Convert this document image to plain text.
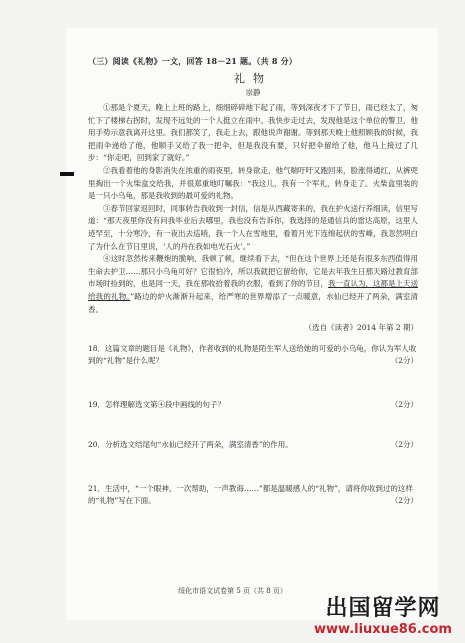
（三）阅读《礼物》一文，回答 18－21 题。（共 8 分）

礼物

崇静

①那是个夏天，晚上上班的路上，细细碎碎地下起了雨，等到深夜才下了节日，雨已经太了，匆忙下了楼梯右拐时，发现不远处的一个人挺立在雨中。我快步走过去，发现他是这个单位的警卫，他用手势示意我离开这里。我们都笑了，我走上去，跟他说声谢谢。等到那天晚上他照顾我的时候，我把雨伞递给了他，他顺手又给了我一把伞，但是我没有要，只好把伞留给了他，他马上接过了几步：“你走吧，回到家了就好。”

②我看着他的身影消失在浓重的雨夜里，转身欲走，他气喘吁吁又跑回来，脸涨得通红，从裤兜里掏出一个火柴盒交给我，并很郑重地叮嘱我：“我这儿，我有一个军礼，转身走了。火柴盒里装的是一只小乌龟，那是我收到的最可爱的礼物。

③春节回家返回时，同事转告我收到一封信，信是从西藏寄来的，我在护火送行养细读，信里写道：“那天夜里你没有问我毕业后去哪里，我也没有告诉你，我选择的是通信兵的雷达高原，这里人迹罕至，十分寒冷，有一夜出去巡哨，我一个人在雪地里，看着月光下连绵起伏的雪峰，我忽然明白了为什么在节日里说，‘人的丹在我如电光石火’。”

④这时忽然传来鞭炮的脆响，我顿了顿，继续看下去，“但在这个世界上还是有很多东西值得用生命去护卫……那只小乌龟可好？它很怕冷，所以我就把它留给你，它是去年我生日那天路过教育部市场时捡到的，也是同一天，我在那收拾着我的衣服，看到了你的节目，我一直认为，这都是上天送给我的礼物。”路边的炉火渐渐升起来，给严寒的世界增添了一点暖意，水仙已经开了两朵，满室清香。

（选自《读者》2014 年第 2 期）

18．这篇文章的题目是《礼物》，作者收到的礼物是陌生军人送给她的可爱的小乌龟，你认为军人收到的“礼物”是什么呢？	（2分）

19．怎样理解选文第④段中画线的句子？	（2分）

20．分析选文结尾句“水仙已经开了两朵，满室清香”的作用。	（2分）

21．生活中，“一个眼神，一次帮助，一声教诲……”都是温暖感人的“礼物”，请将你收到过的这样的“礼物”写在下面。	（2分）

绥化市语文试卷第 5 页（共 8 页）
出国留学网
www.liuxue86.com
